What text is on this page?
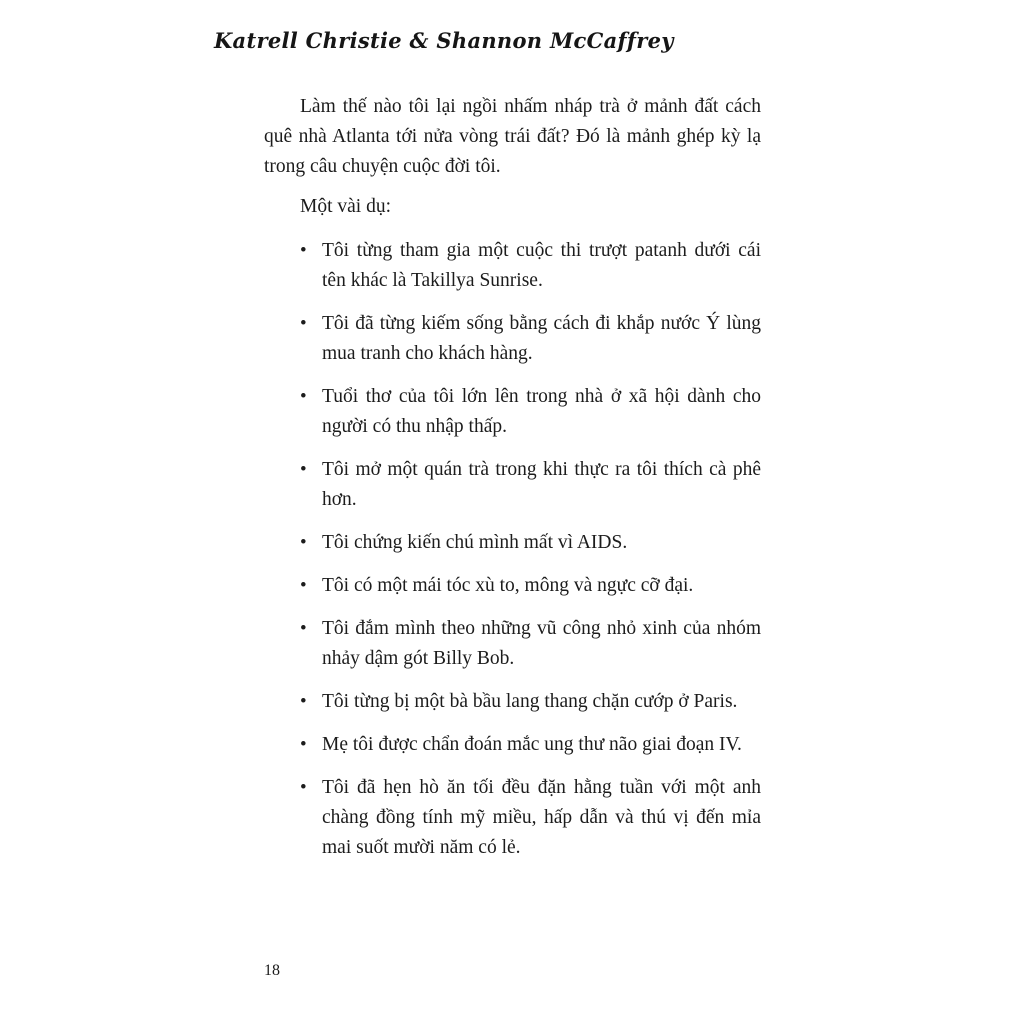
Katrell Christie & Shannon McCaffrey

Làm thế nào tôi lại ngồi nhấm nháp trà ở mảnh đất cách quê nhà Atlanta tới nửa vòng trái đất? Đó là mảnh ghép kỳ lạ trong câu chuyện cuộc đời tôi.

Một vài dụ:

• Tôi từng tham gia một cuộc thi trượt patanh dưới cái tên khác là Takillya Sunrise.
• Tôi đã từng kiếm sống bằng cách đi khắp nước Ý lùng mua tranh cho khách hàng.
• Tuổi thơ của tôi lớn lên trong nhà ở xã hội dành cho người có thu nhập thấp.
• Tôi mở một quán trà trong khi thực ra tôi thích cà phê hơn.
• Tôi chứng kiến chú mình mất vì AIDS.
• Tôi có một mái tóc xù to, mông và ngực cỡ đại.
• Tôi đắm mình theo những vũ công nhỏ xinh của nhóm nhảy dậm gót Billy Bob.
• Tôi từng bị một bà bầu lang thang chặn cướp ở Paris.
• Mẹ tôi được chẩn đoán mắc ung thư não giai đoạn IV.
• Tôi đã hẹn hò ăn tối đều đặn hằng tuần với một anh chàng đồng tính mỹ miều, hấp dẫn và thú vị đến mỉa mai suốt mười năm có lẻ.
18
